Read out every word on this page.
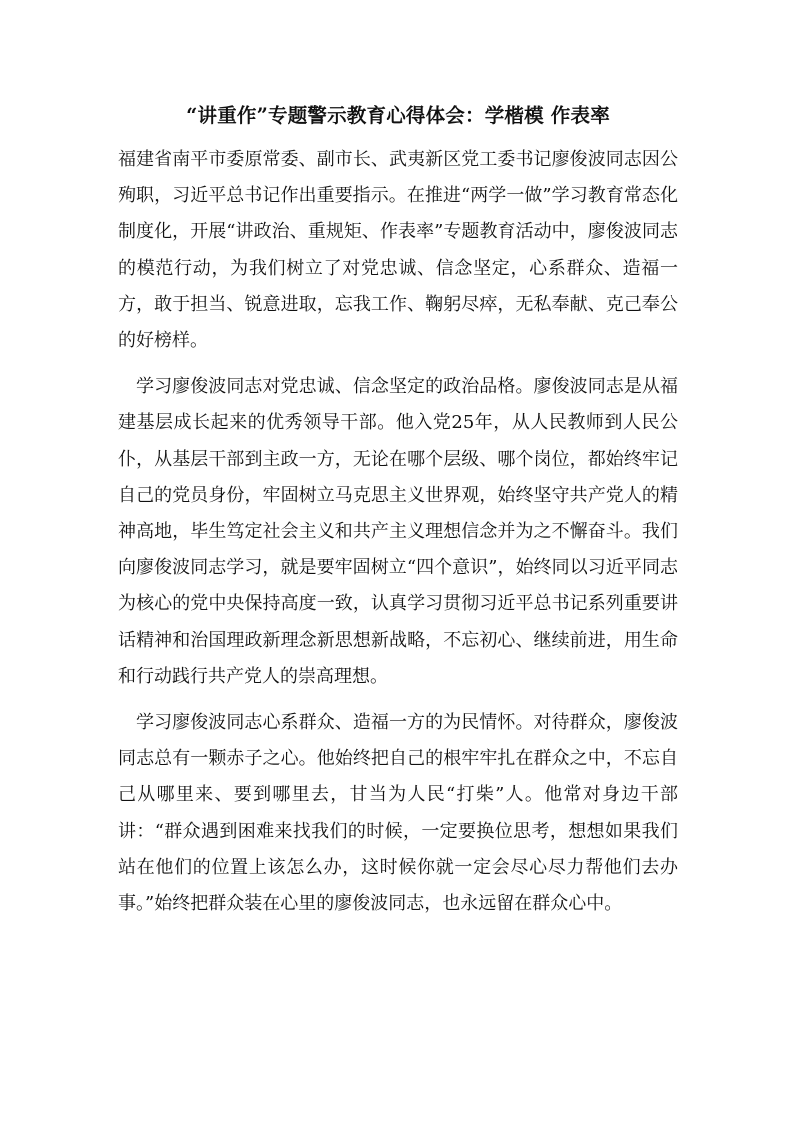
“讲重作”专题警示教育心得体会：学楷模 作表率

福建省南平市委原常委、副市长、武夷新区党工委书记廖俊波同志因公殉职，习近平总书记作出重要指示。在推进“两学一做”学习教育常态化制度化，开展“讲政治、重规矩、作表率”专题教育活动中，廖俊波同志的模范行动，为我们树立了对党忠诚、信念坚定，心系群众、造福一方，敢于担当、锐意进取，忘我工作、鞠躬尽瘁，无私奉献、克己奉公的好榜样。

学习廖俊波同志对党忠诚、信念坚定的政治品格。廖俊波同志是从福建基层成长起来的优秀领导干部。他入党25年，从人民教师到人民公仆，从基层干部到主政一方，无论在哪个层级、哪个岗位，都始终牢记自己的党员身份，牢固树立马克思主义世界观，始终坚守共产党人的精神高地，毕生笃定社会主义和共产主义理想信念并为之不懈奋斗。我们向廖俊波同志学习，就是要牢固树立“四个意识”，始终同以习近平同志为核心的党中央保持高度一致，认真学习贯彻习近平总书记系列重要讲话精神和治国理政新理念新思想新战略，不忘初心、继续前进，用生命和行动践行共产党人的崇高理想。

学习廖俊波同志心系群众、造福一方的为民情怀。对待群众，廖俊波同志总有一颗赤子之心。他始终把自己的根牢牢扎在群众之中，不忘自己从哪里来、要到哪里去，甘当为人民“打柴”人。他常对身边干部讲：“群众遇到困难来找我们的时候，一定要换位思考，想想如果我们站在他们的位置上该怎么办，这时候你就一定会尽心尽力帮他们去办事。”始终把群众装在心里的廖俊波同志，也永远留在群众心中。
